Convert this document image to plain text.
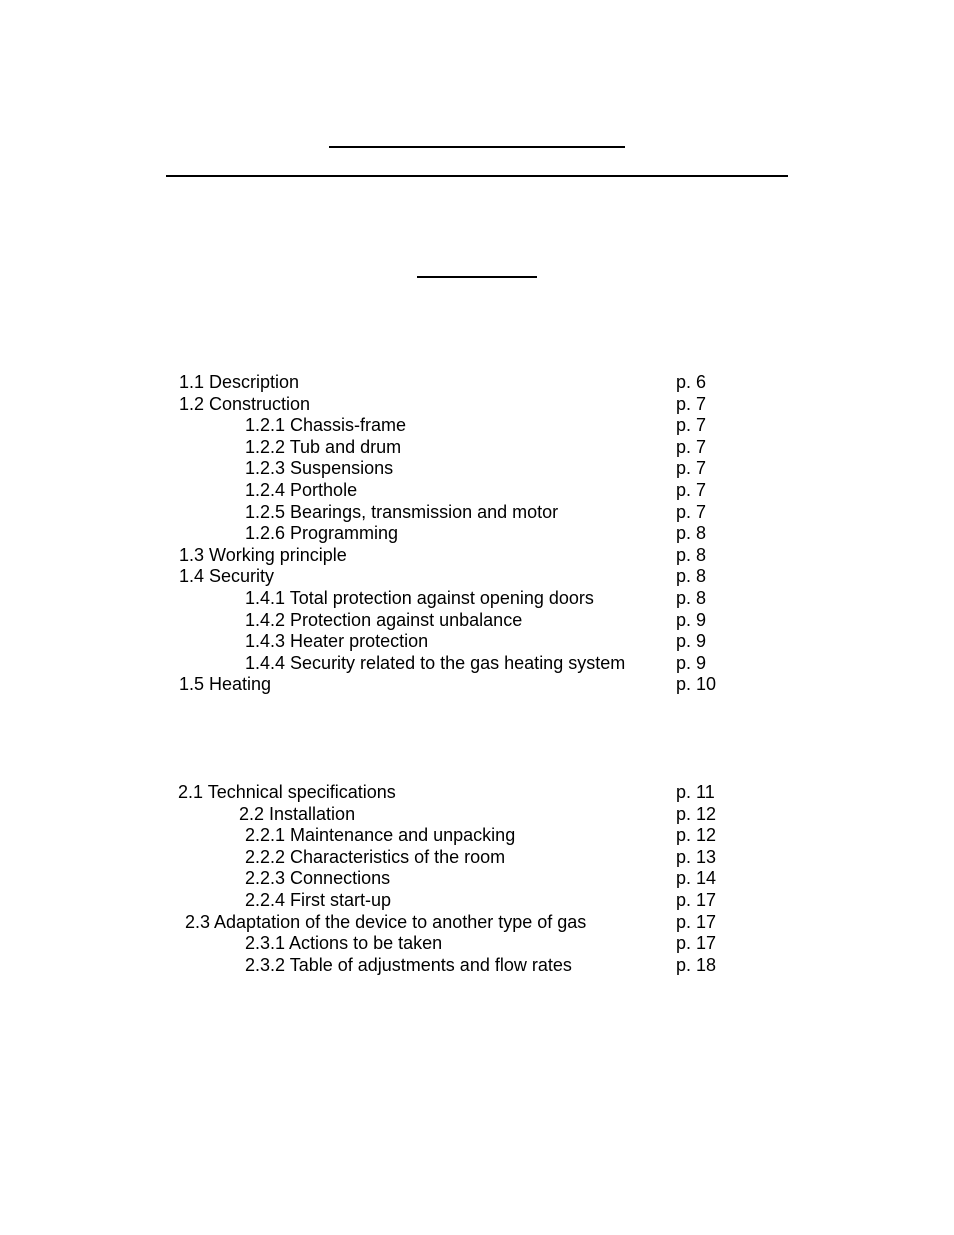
1.1 Description	p. 6
1.2 Construction	p. 7
1.2.1 Chassis-frame	p. 7
1.2.2 Tub and drum	p. 7
1.2.3 Suspensions	p. 7
1.2.4 Porthole	p. 7
1.2.5 Bearings, transmission and motor	p. 7
1.2.6 Programming	p. 8
1.3 Working principle	p. 8
1.4 Security	p. 8
1.4.1 Total protection against opening doors	p. 8
1.4.2 Protection against unbalance	p. 9
1.4.3 Heater protection	p. 9
1.4.4 Security related to the gas heating system	p. 9
1.5 Heating	p. 10
2.1 Technical specifications	p. 11
2.2 Installation	p. 12
2.2.1 Maintenance and unpacking	p. 12
2.2.2 Characteristics of the room	p. 13
2.2.3 Connections	p. 14
2.2.4 First start-up	p. 17
2.3 Adaptation of the device to another type of gas	p. 17
2.3.1 Actions to be taken	p. 17
2.3.2 Table of adjustments and flow rates	p. 18
